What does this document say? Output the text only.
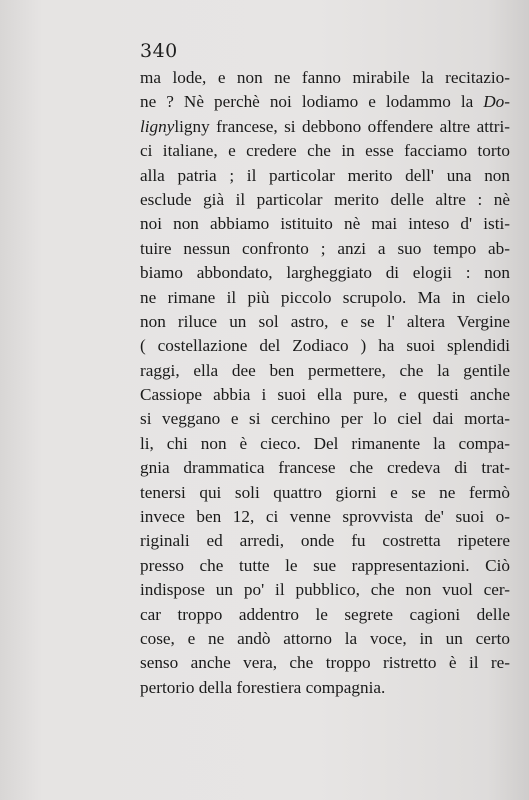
340
ma lode, e non ne fanno mirabile la recitazio-
ne ? Nè perchè noi lodiamo e lodammo la Do-
lignyligny francese, si debbono offendere altre attri-
ci italiane, e credere che in esse facciamo torto
alla patria ; il particolar merito dell' una non
esclude già il particolar merito delle altre : nè
noi non abbiamo istituito nè mai inteso d' isti-
tuire nessun confronto ; anzi a suo tempo ab-
biamo abbondato, largheggiato di elogii : non
ne rimane il più piccolo scrupolo. Ma in cielo
non riluce un sol astro, e se l' altera Vergine
( costellazione del Zodiaco ) ha suoi splendidi
raggi, ella dee ben permettere, che la gentile
Cassiope abbia i suoi ella pure, e questi anche
si veggano e si cerchino per lo ciel dai morta-
li, chi non è cieco. Del rimanente la compa-
gnia drammatica francese che credeva di trat-
tenersi qui soli quattro giorni e se ne fermò
invece ben 12, ci venne sprovvista de' suoi o-
riginali ed arredi, onde fu costretta ripetere
presso che tutte le sue rappresentazioni. Ciò
indispose un po' il pubblico, che non vuol cer-
car troppo addentro le segrete cagioni delle
cose, e ne andò attorno la voce, in un certo
senso anche vera, che troppo ristretto è il re-
pertorio della forestiera compagnia.
